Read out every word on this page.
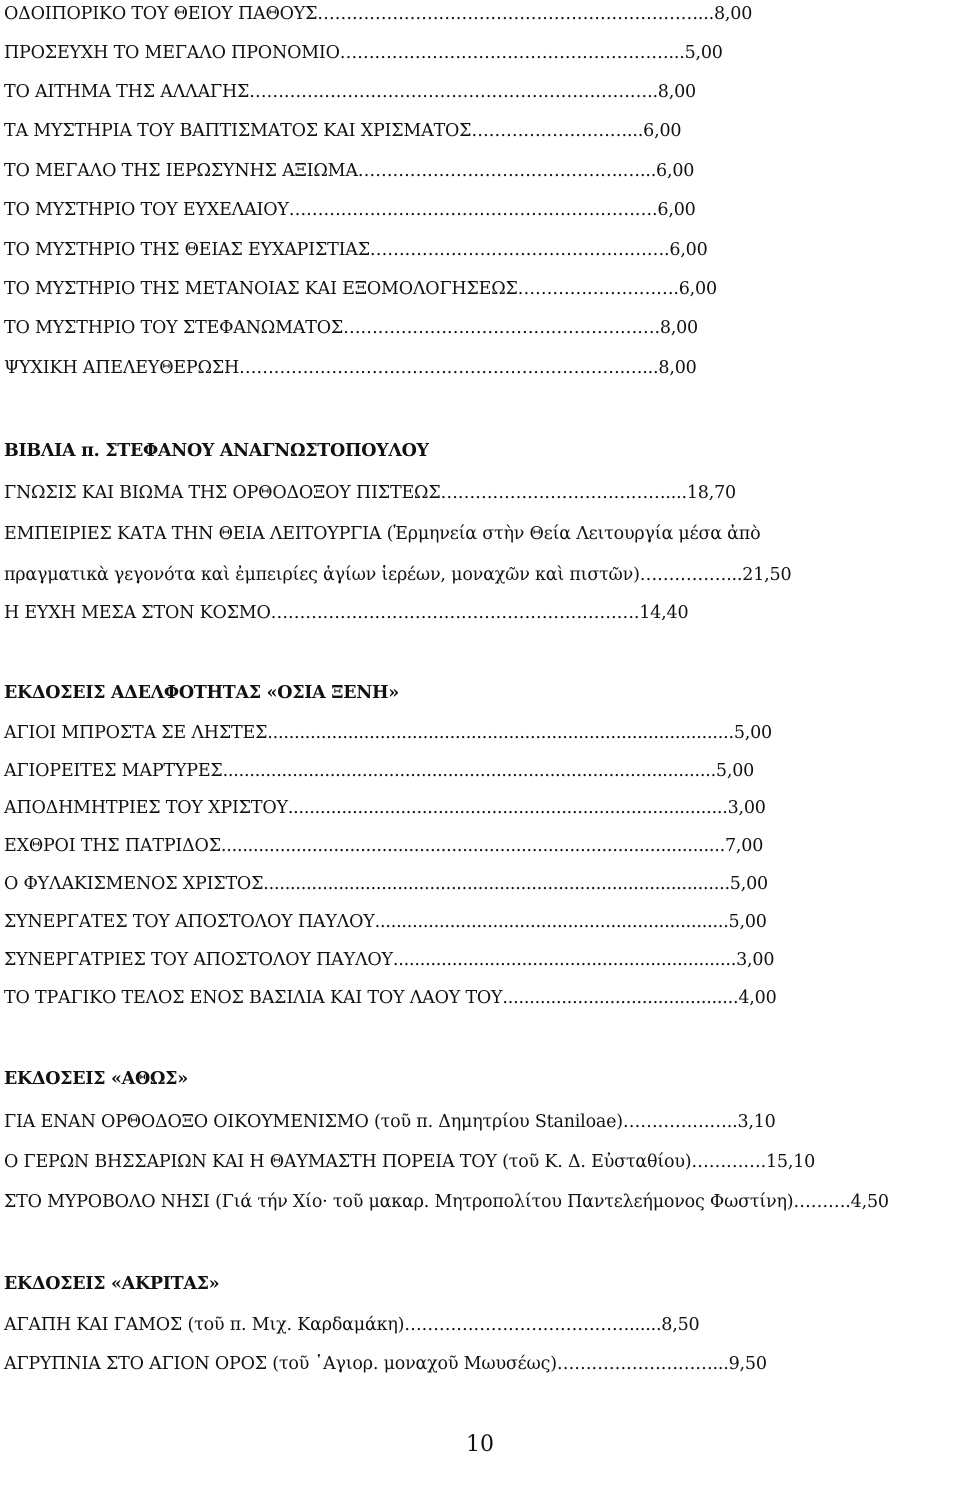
ΟΔΟΙΠΟΡΙΚΟ ΤΟΥ ΘΕΙΟΥ ΠΑΘΟΥΣ…………………………………………………………...8,00
ΠΡΟΣΕΥΧΗ ΤΟ ΜΕΓΑΛΟ ΠΡΟΝΟΜΙΟ…………………………………………………...5,00
ΤΟ ΑΙΤΗΜΑ ΤΗΣ ΑΛΛΑΓΗΣ……………………………………………………………..8,00
ΤΑ ΜΥΣΤΗΡΙΑ ΤΟΥ ΒΑΠΤΙΣΜΑΤΟΣ ΚΑΙ ΧΡΙΣΜΑΤΟΣ………………………...6,00
ΤΟ ΜΕΓΑΛΟ ΤΗΣ ΙΕΡΩΣΥΝΗΣ ΑΞΙΩΜΑ……………………………………….…...6,00
ΤΟ ΜΥΣΤΗΡΙΟ ΤΟΥ ΕΥΧΕΛΑΙΟΥ……………………………………………………….6,00
ΤΟ ΜΥΣΤΗΡΙΟ ΤΗΣ ΘΕΙΑΣ ΕΥΧΑΡΙΣΤΙΑΣ…………………………………………….6,00
ΤΟ ΜΥΣΤΗΡΙΟ ΤΗΣ ΜΕΤΑΝΟΙΑΣ ΚΑΙ ΕΞΟΜΟΛΟΓΗΣΕΩΣ……………………….6,00
ΤΟ ΜΥΣΤΗΡΙΟ ΤΟΥ ΣΤΕΦΑΝΩΜΑΤΟΣ……………………………………………….8,00
ΨΥΧΙΚΗ ΑΠΕΛΕΥΘΕΡΩΣΗ………………………………………………………….…...8,00
ΒΙΒΛΙΑ π. ΣΤΕΦΑΝΟΥ ΑΝΑΓΝΩΣΤΟΠΟΥΛΟΥ
ΓΝΩΣΙΣ ΚΑΙ ΒΙΩΜΑ ΤΗΣ ΟΡΘΟΔΟΞΟΥ ΠΙΣΤΕΩΣ…………………………………....18,70
ΕΜΠΕΙΡΙΕΣ ΚΑΤΑ ΤΗΝ ΘΕΙΑ ΛΕΙΤΟΥΡΓΙΑ (Ἑρμηνεία στὴν Θεία Λειτουργία μέσα ἀπὸ
πραγματικὰ γεγονότα καὶ ἐμπειρίες ἁγίων ἱερέων, μοναχῶν καὶ πιστῶν)……………...21,50
Η ΕΥΧΗ ΜΕΣΑ ΣΤΟΝ ΚΟΣΜΟ……………………………………………………….14,40
ΕΚΔΟΣΕΙΣ ΑΔΕΛΦΟΤΗΤΑΣ «ΟΣΙΑ ΞΕΝΗ»
ΑΓΙΟΙ ΜΠΡΟΣΤΑ ΣΕ ΛΗΣΤΕΣ.......................................................................................5,00
ΑΓΙΟΡΕΙΤΕΣ ΜΑΡΤΥΡΕΣ............................................................................................5,00
ΑΠΟΔΗΜΗΤΡΙΕΣ ΤΟΥ ΧΡΙΣΤΟΥ..................................................................................3,00
ΕΧΘΡΟΙ ΤΗΣ ΠΑΤΡΙΔΟΣ..............................................................................................7,00
Ο ΦΥΛΑΚΙΣΜΕΝΟΣ ΧΡΙΣΤΟΣ.......................................................................................5,00
ΣΥΝΕΡΓΑΤΕΣ ΤΟΥ ΑΠΟΣΤΟΛΟΥ ΠΑΥΛΟΥ..................................................................5,00
ΣΥΝΕΡΓΑΤΡΙΕΣ ΤΟΥ ΑΠΟΣΤΟΛΟΥ ΠΑΥΛΟΥ................................................................3,00
ΤΟ ΤΡΑΓΙΚΟ ΤΕΛΟΣ ΕΝΟΣ ΒΑΣΙΛΙΑ ΚΑΙ ΤΟΥ ΛΑΟΥ ΤΟΥ............................................4,00
ΕΚΔΟΣΕΙΣ «ΑΘΩΣ»
ΓΙΑ ΕΝΑΝ ΟΡΘΟΔΟΞΟ ΟΙΚΟΥΜΕΝΙΣΜΟ (τοῦ π. Δημητρίου Staniloae)………………..3,10
Ο ΓΕΡΩΝ ΒΗΣΣΑΡΙΩΝ ΚΑΙ Η ΘΑΥΜΑΣΤΗ ΠΟΡΕΙΑ ΤΟΥ (τοῦ Κ. Δ. Εὐσταθίου)………….15,10
ΣΤΟ ΜΥΡΟΒΟΛΟ ΝΗΣΙ (Γιά τήν Χίο· τοῦ μακαρ. Μητροπολίτου Παντελεήμονος Φωστίνη)……….4,50
ΕΚΔΟΣΕΙΣ «ΑΚΡΙΤΑΣ»
ΑΓΑΠΗ ΚΑΙ ΓΑΜΟΣ (τοῦ π. Μιχ. Καρδαμάκη)…………………………………......8,50
ΑΓΡΥΠΝΙΑ ΣΤΟ ΑΓΙΟΝ ΟΡΟΣ (τοῦ ῾Αγιορ. μοναχοῦ Μωυσέως)………………………...9,50
10
